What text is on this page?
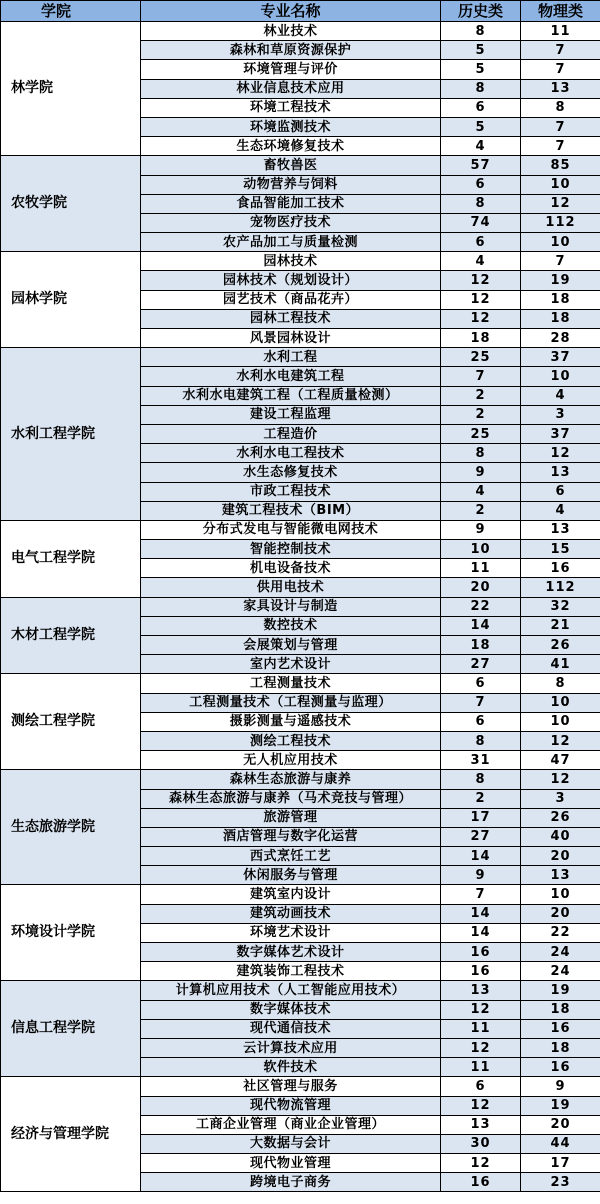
学院	专业名称	历史类	物理类
林学院	林业技术	8	11
	森林和草原资源保护	5	7
	环境管理与评价	5	7
	林业信息技术应用	8	13
	环境工程技术	6	8
	环境监测技术	5	7
	生态环境修复技术	4	7
农牧学院	畜牧兽医	57	85
	动物营养与饲料	6	10
	食品智能加工技术	8	12
	宠物医疗技术	74	112
	农产品加工与质量检测	6	10
园林学院	园林技术	4	7
	园林技术（规划设计）	12	19
	园艺技术（商品花卉）	12	18
	园林工程技术	12	18
	风景园林设计	18	28
水利工程学院	水利工程	25	37
	水利水电建筑工程	7	10
	水利水电建筑工程（工程质量检测）	2	4
	建设工程监理	2	3
	工程造价	25	37
	水利水电工程技术	8	12
	水生态修复技术	9	13
	市政工程技术	4	6
	建筑工程技术（BIM）	2	4
电气工程学院	分布式发电与智能微电网技术	9	13
	智能控制技术	10	15
	机电设备技术	11	16
	供用电技术	20	112
木材工程学院	家具设计与制造	22	32
	数控技术	14	21
	会展策划与管理	18	26
	室内艺术设计	27	41
测绘工程学院	工程测量技术	6	8
	工程测量技术（工程测量与监理）	7	10
	摄影测量与遥感技术	6	10
	测绘工程技术	8	12
	无人机应用技术	31	47
生态旅游学院	森林生态旅游与康养	8	12
	森林生态旅游与康养（马术竞技与管理）	2	3
	旅游管理	17	26
	酒店管理与数字化运营	27	40
	西式烹饪工艺	14	20
	休闲服务与管理	9	13
环境设计学院	建筑室内设计	7	10
	建筑动画技术	14	20
	环境艺术设计	14	22
	数字媒体艺术设计	16	24
	建筑装饰工程技术	16	24
信息工程学院	计算机应用技术（人工智能应用技术）	13	19
	数字媒体技术	12	18
	现代通信技术	11	16
	云计算技术应用	12	18
	软件技术	11	16
经济与管理学院	社区管理与服务	6	9
	现代物流管理	12	19
	工商企业管理（商业企业管理）	13	20
	大数据与会计	30	44
	现代物业管理	12	17
	跨境电子商务	16	23
